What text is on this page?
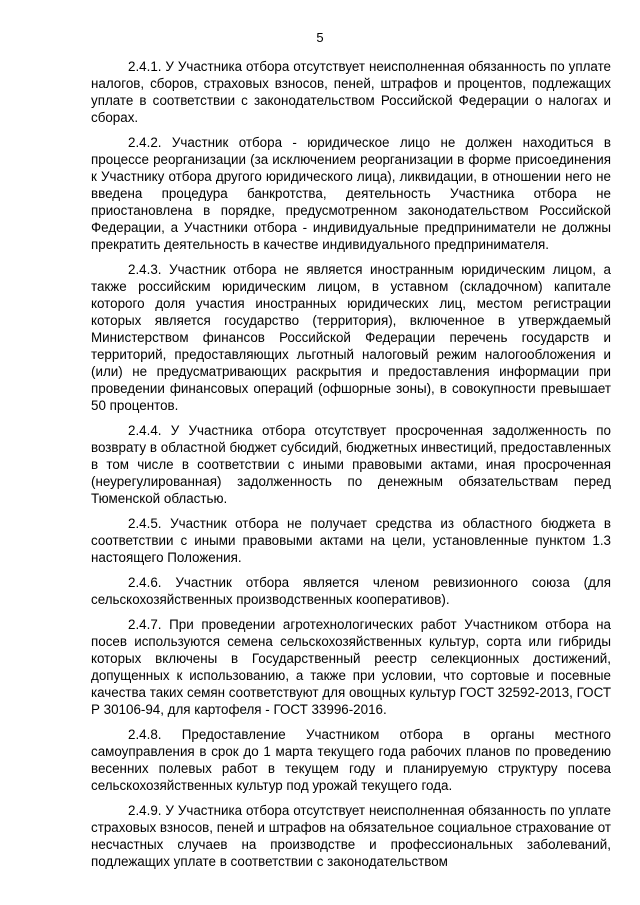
5

2.4.1. У Участника отбора отсутствует неисполненная обязанность по уплате налогов, сборов, страховых взносов, пеней, штрафов и процентов, подлежащих уплате в соответствии с законодательством Российской Федерации о налогах и сборах.

2.4.2. Участник отбора - юридическое лицо не должен находиться в процессе реорганизации (за исключением реорганизации в форме присоединения к Участнику отбора другого юридического лица), ликвидации, в отношении него не введена процедура банкротства, деятельность Участника отбора не приостановлена в порядке, предусмотренном законодательством Российской Федерации, а Участники отбора - индивидуальные предприниматели не должны прекратить деятельность в качестве индивидуального предпринимателя.

2.4.3. Участник отбора не является иностранным юридическим лицом, а также российским юридическим лицом, в уставном (складочном) капитале которого доля участия иностранных юридических лиц, местом регистрации которых является государство (территория), включенное в утверждаемый Министерством финансов Российской Федерации перечень государств и территорий, предоставляющих льготный налоговый режим налогообложения и (или) не предусматривающих раскрытия и предоставления информации при проведении финансовых операций (офшорные зоны), в совокупности превышает 50 процентов.

2.4.4. У Участника отбора отсутствует просроченная задолженность по возврату в областной бюджет субсидий, бюджетных инвестиций, предоставленных в том числе в соответствии с иными правовыми актами, иная просроченная (неурегулированная) задолженность по денежным обязательствам перед Тюменской областью.

2.4.5. Участник отбора не получает средства из областного бюджета в соответствии с иными правовыми актами на цели, установленные пунктом 1.3 настоящего Положения.

2.4.6. Участник отбора является членом ревизионного союза (для сельскохозяйственных производственных кооперативов).

2.4.7. При проведении агротехнологических работ Участником отбора на посев используются семена сельскохозяйственных культур, сорта или гибриды которых включены в Государственный реестр селекционных достижений, допущенных к использованию, а также при условии, что сортовые и посевные качества таких семян соответствуют для овощных культур ГОСТ 32592-2013, ГОСТ Р 30106-94, для картофеля - ГОСТ 33996-2016.

2.4.8. Предоставление Участником отбора в органы местного самоуправления в срок до 1 марта текущего года рабочих планов по проведению весенних полевых работ в текущем году и планируемую структуру посева сельскохозяйственных культур под урожай текущего года.

2.4.9. У Участника отбора отсутствует неисполненная обязанность по уплате страховых взносов, пеней и штрафов на обязательное социальное страхование от несчастных случаев на производстве и профессиональных заболеваний, подлежащих уплате в соответствии с законодательством
